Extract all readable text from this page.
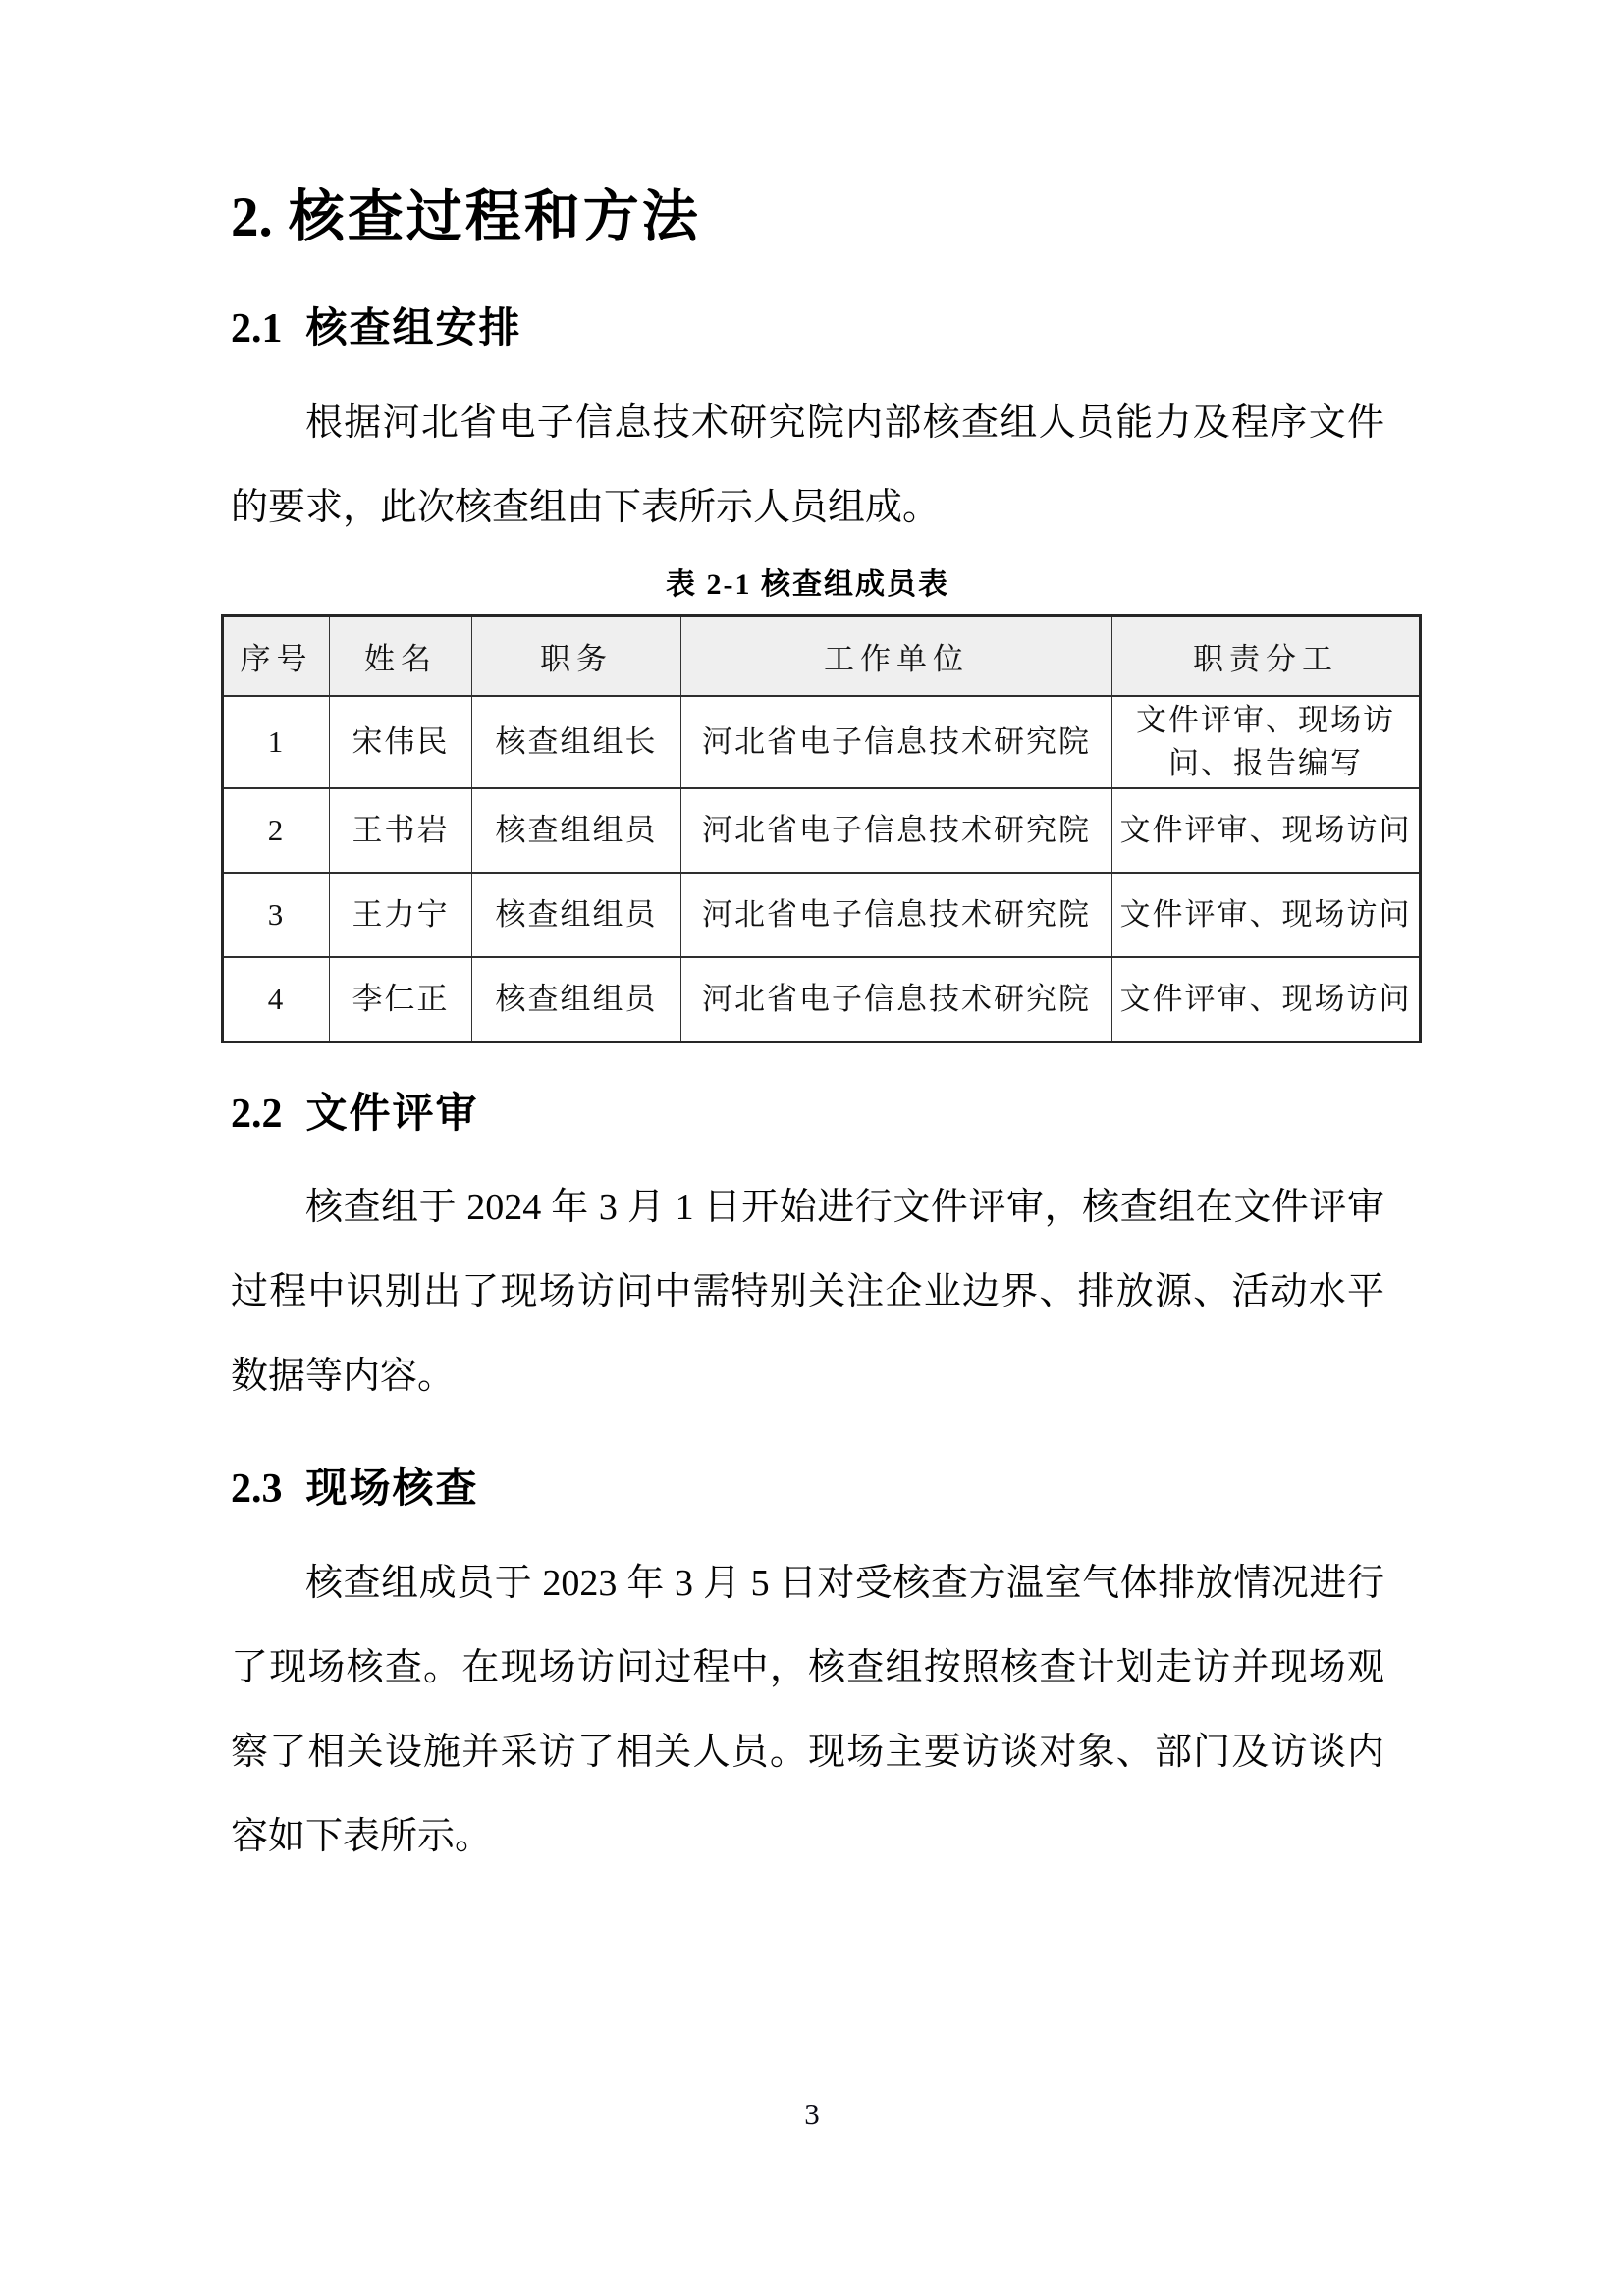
2. 核查过程和方法
2.1 核查组安排

根据河北省电子信息技术研究院内部核查组人员能力及程序文件的要求，此次核查组由下表所示人员组成。

表 2-1 核查组成员表
序号	姓名	职务	工作单位	职责分工
1	宋伟民	核查组组长	河北省电子信息技术研究院	文件评审、现场访问、报告编写
2	王书岩	核查组组员	河北省电子信息技术研究院	文件评审、现场访问
3	王力宁	核查组组员	河北省电子信息技术研究院	文件评审、现场访问
4	李仁正	核查组组员	河北省电子信息技术研究院	文件评审、现场访问
2.2 文件评审

核查组于 2024 年 3 月 1 日开始进行文件评审，核查组在文件评审过程中识别出了现场访问中需特别关注企业边界、排放源、活动水平数据等内容。

2.3 现场核查

核查组成员于 2023 年 3 月 5 日对受核查方温室气体排放情况进行了现场核查。在现场访问过程中，核查组按照核查计划走访并现场观察了相关设施并采访了相关人员。现场主要访谈对象、部门及访谈内容如下表所示。

3
